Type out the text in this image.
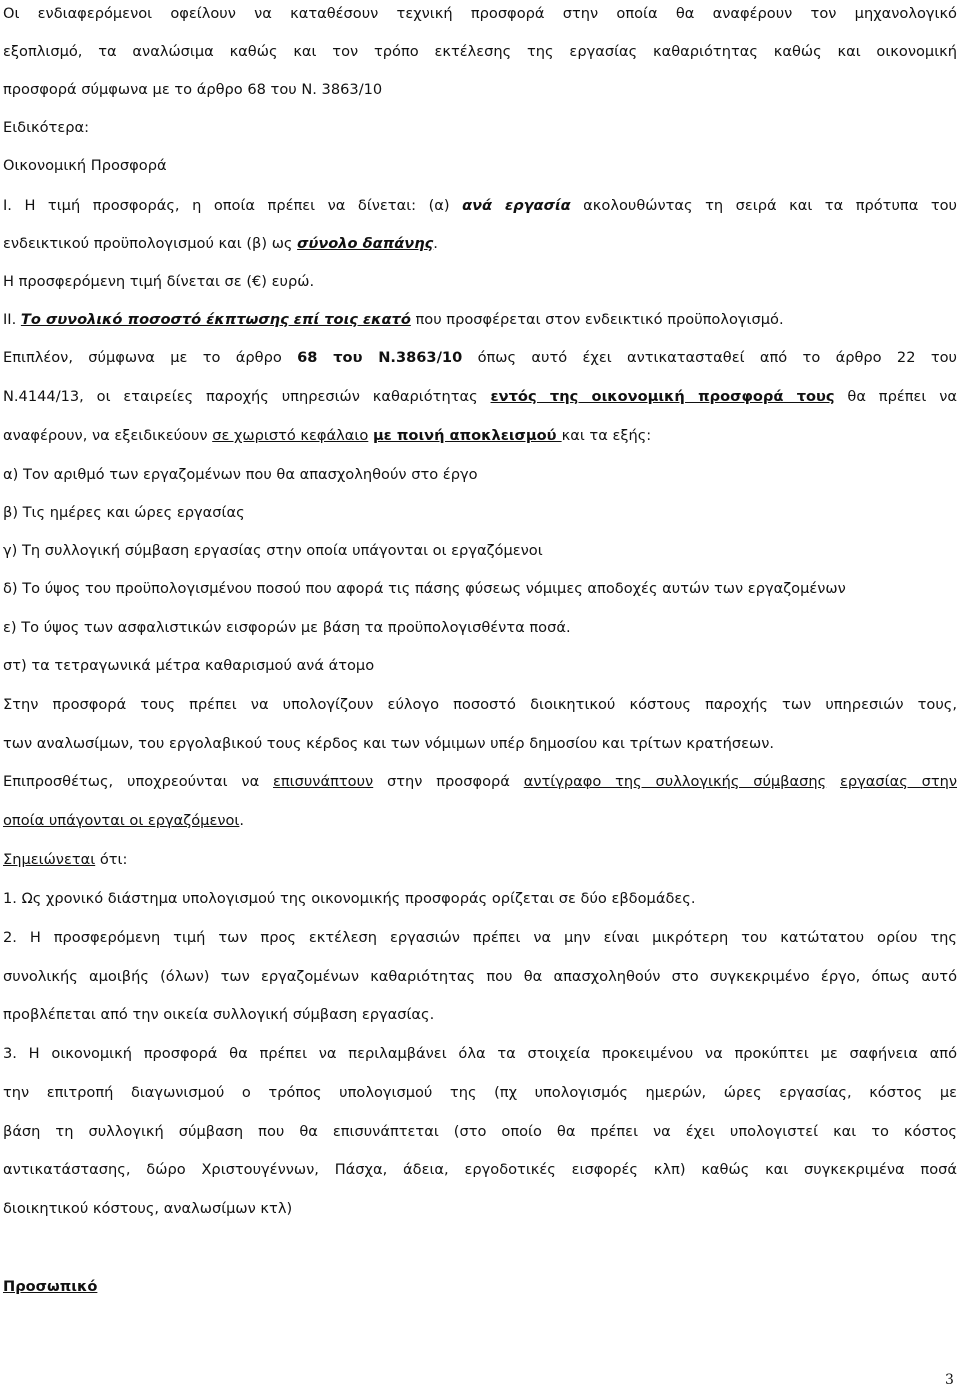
Οι ενδιαφερόμενοι οφείλουν να καταθέσουν τεχνική προσφορά στην οποία θα αναφέρουν τον μηχανολογικό
εξοπλισμό, τα αναλώσιμα καθώς και τον τρόπο εκτέλεσης της εργασίας καθαριότητας καθώς και οικονομική
προσφορά σύμφωνα με το άρθρο 68 του Ν. 3863/10
Ειδικότερα:
Οικονομική Προσφορά
Ι. Η τιμή προσφοράς, η οποία πρέπει να δίνεται: (α) ανά εργασία ακολουθώντας τη σειρά και τα πρότυπα του
ενδεικτικού προϋπολογισμού και (β) ως σύνολο δαπάνης.
Η προσφερόμενη τιμή δίνεται σε (€) ευρώ.
ΙΙ. Το συνολικό ποσοστό έκπτωσης επί τοις εκατό που προσφέρεται στον ενδεικτικό προϋπολογισμό.
Επιπλέον, σύμφωνα με το άρθρο 68 του Ν.3863/10 όπως αυτό έχει αντικατασταθεί από το άρθρο 22 του
Ν.4144/13, οι εταιρείες παροχής υπηρεσιών καθαριότητας εντός της οικονομική προσφορά τους θα πρέπει να
αναφέρουν, να εξειδικεύουν σε χωριστό κεφάλαιο με ποινή αποκλεισμού και τα εξής:
α) Τον αριθμό των εργαζομένων που θα απασχοληθούν στο έργο
β) Τις ημέρες και ώρες εργασίας
γ) Τη συλλογική σύμβαση εργασίας στην οποία υπάγονται οι εργαζόμενοι
δ) Το ύψος του προϋπολογισμένου ποσού που αφορά τις πάσης φύσεως νόμιμες αποδοχές αυτών των εργαζομένων
ε) Το ύψος των ασφαλιστικών εισφορών με βάση τα προϋπολογισθέντα ποσά.
στ) τα τετραγωνικά μέτρα καθαρισμού ανά άτομο
Στην προσφορά τους πρέπει να υπολογίζουν εύλογο ποσοστό διοικητικού κόστους παροχής των υπηρεσιών τους,
των αναλωσίμων, του εργολαβικού τους κέρδος και των νόμιμων υπέρ δημοσίου και τρίτων κρατήσεων.
Επιπροσθέτως, υποχρεούνται να επισυνάπτουν στην προσφορά αντίγραφο της συλλογικής σύμβασης εργασίας στην
οποία υπάγονται οι εργαζόμενοι.
Σημειώνεται ότι:
1. Ως χρονικό διάστημα υπολογισμού της οικονομικής προσφοράς ορίζεται σε δύο εβδομάδες.
2. Η προσφερόμενη τιμή των προς εκτέλεση εργασιών πρέπει να μην είναι μικρότερη του κατώτατου ορίου της
συνολικής αμοιβής (όλων) των εργαζομένων καθαριότητας που θα απασχοληθούν στο συγκεκριμένο έργο, όπως αυτό
προβλέπεται από την οικεία συλλογική σύμβαση εργασίας.
3. Η οικονομική προσφορά θα πρέπει να περιλαμβάνει όλα τα στοιχεία προκειμένου να προκύπτει με σαφήνεια από
την επιτροπή διαγωνισμού ο τρόπος υπολογισμού της (πχ υπολογισμός ημερών, ώρες εργασίας, κόστος με
βάση τη συλλογική σύμβαση που θα επισυνάπτεται (στο οποίο θα πρέπει να έχει υπολογιστεί και το κόστος
αντικατάστασης, δώρο Χριστουγέννων, Πάσχα, άδεια, εργοδοτικές εισφορές κλπ) καθώς και συγκεκριμένα ποσά
διοικητικού κόστους, αναλωσίμων κτλ)
Προσωπικό
3
